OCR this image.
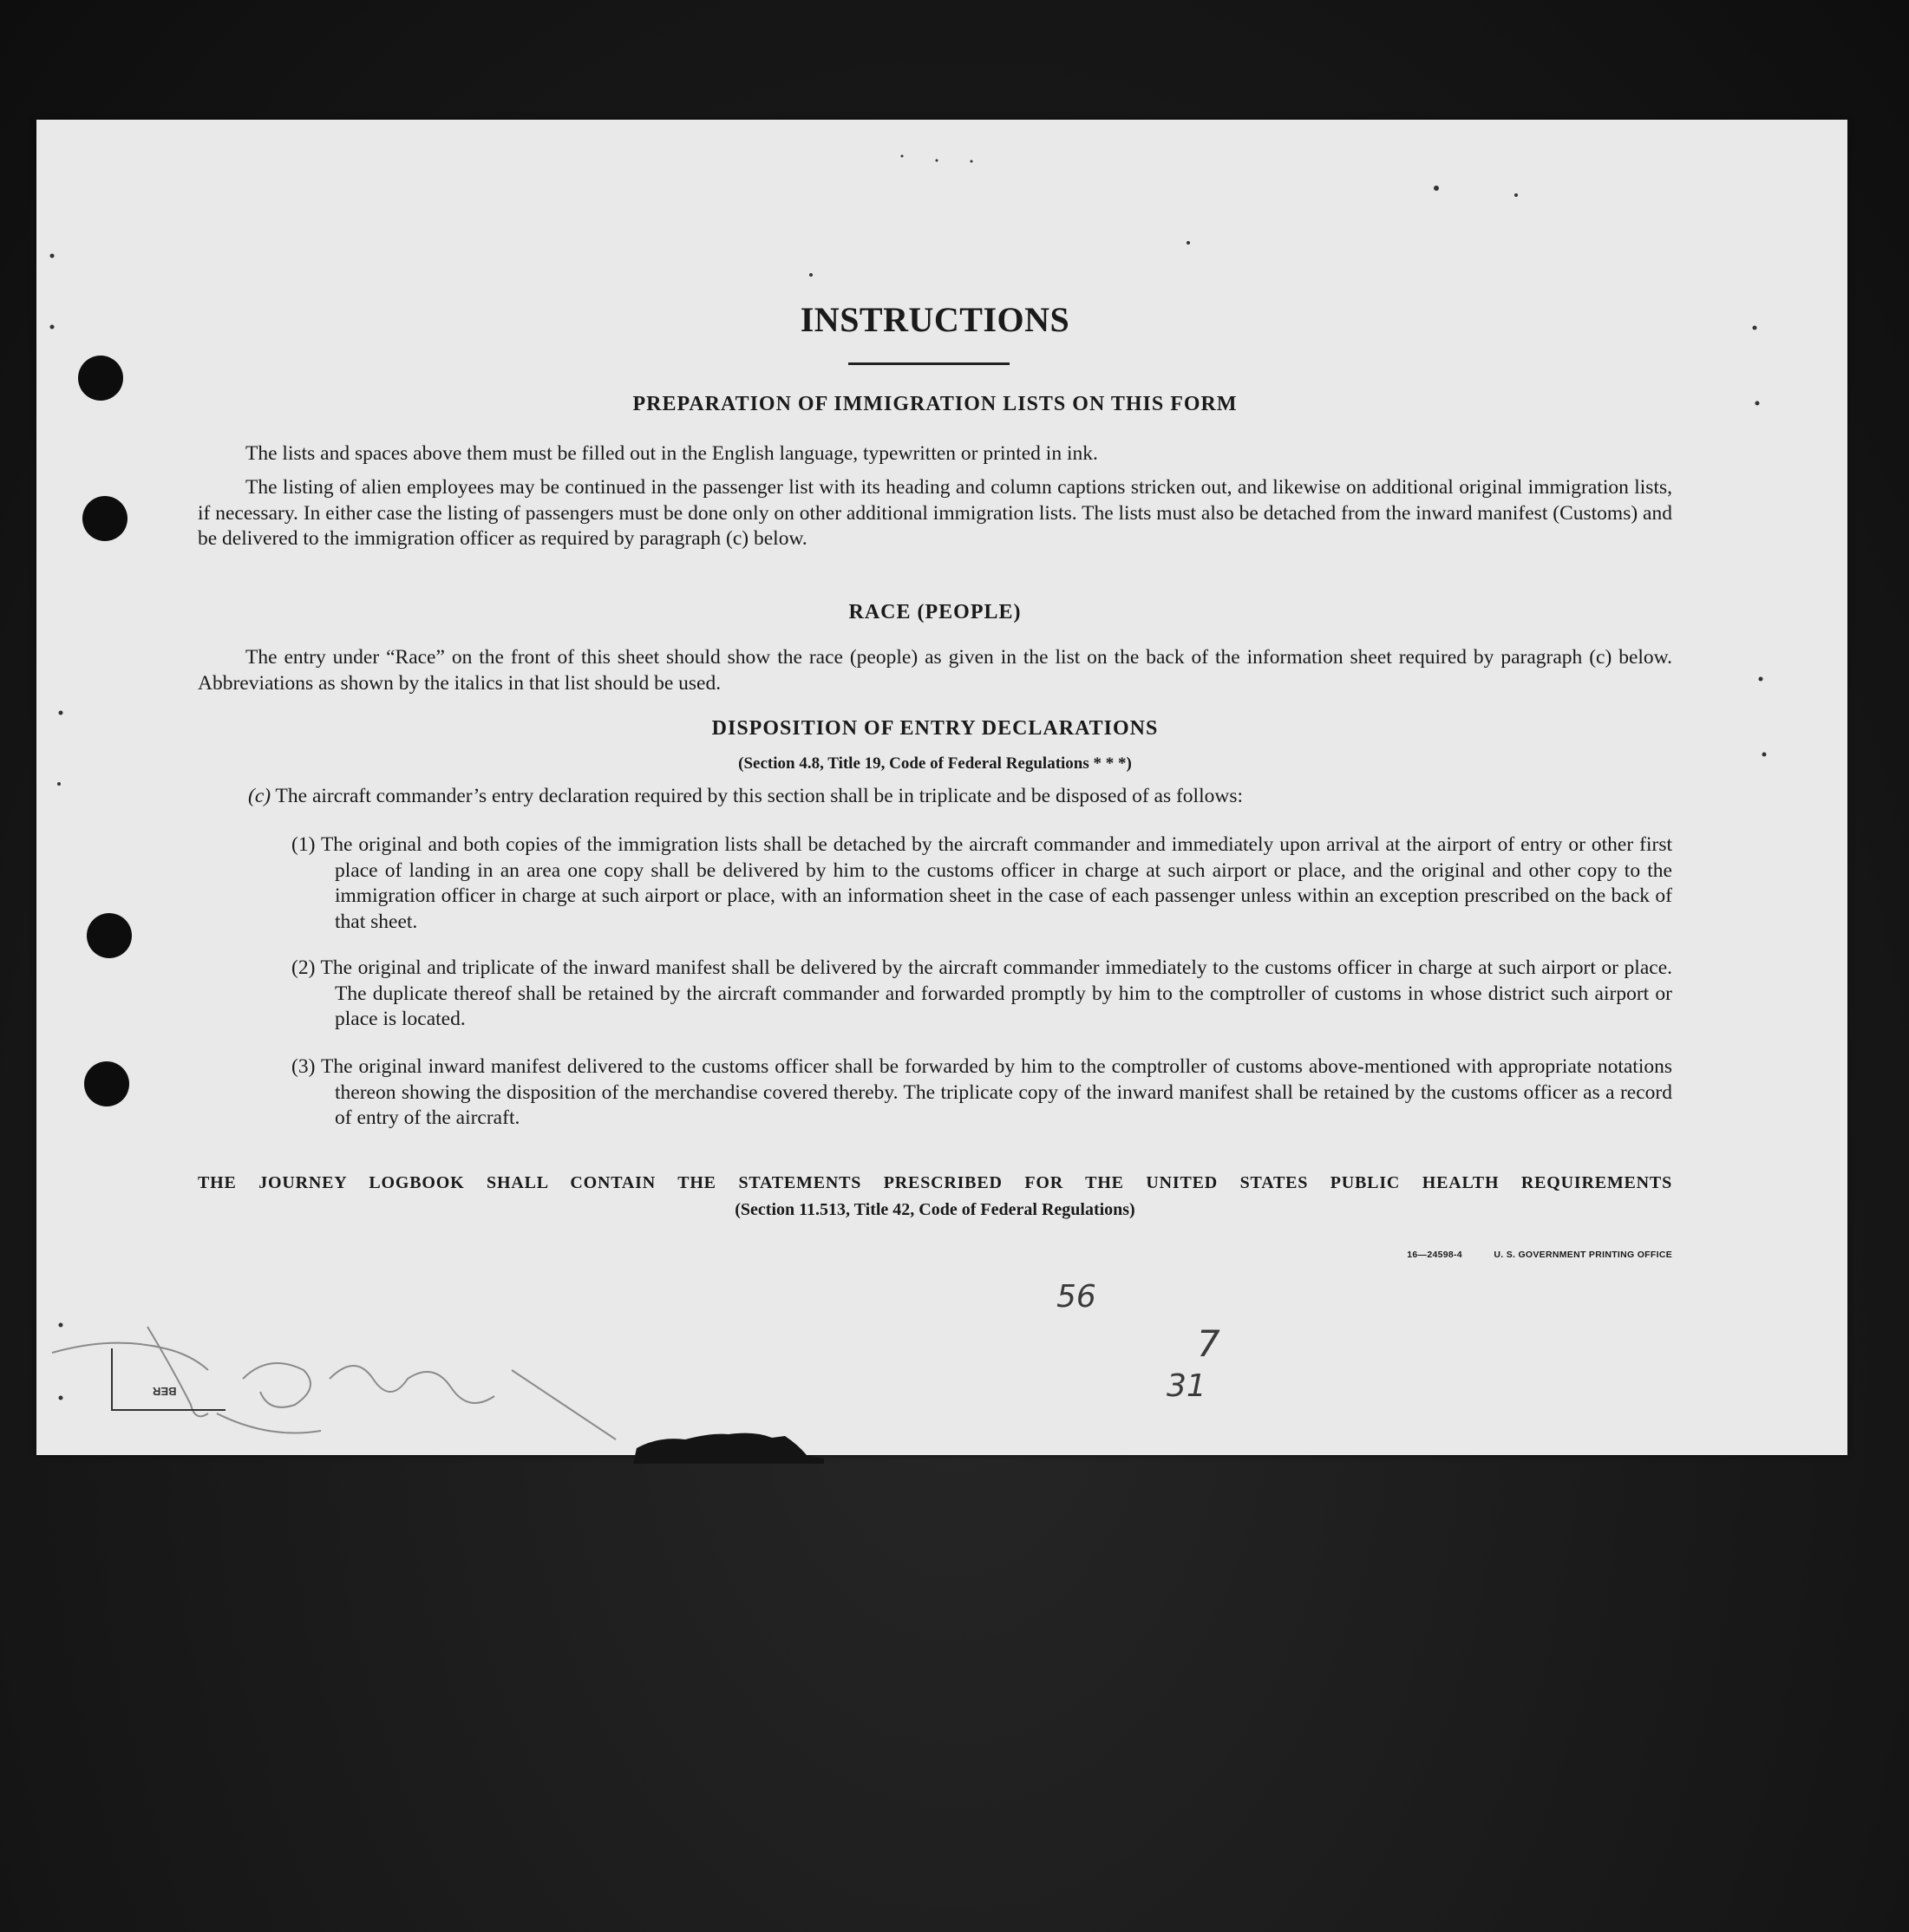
BER
INSTRUCTIONS
PREPARATION OF IMMIGRATION LISTS ON THIS FORM
The lists and spaces above them must be filled out in the English language, typewritten or printed in ink.
The listing of alien employees may be continued in the passenger list with its heading and column captions stricken out, and likewise on additional original immigration lists, if necessary. In either case the listing of passengers must be done only on other additional immigration lists. The lists must also be detached from the inward manifest (Customs) and be delivered to the immigration officer as required by paragraph (c) below.
RACE (PEOPLE)
The entry under “Race” on the front of this sheet should show the race (people) as given in the list on the back of the information sheet required by paragraph (c) below. Abbreviations as shown by the italics in that list should be used.
DISPOSITION OF ENTRY DECLARATIONS
(Section 4.8, Title 19, Code of Federal Regulations * * *)
(c) The aircraft commander’s entry declaration required by this section shall be in triplicate and be disposed of as follows:
(1) The original and both copies of the immigration lists shall be detached by the aircraft commander and immediately upon arrival at the airport of entry or other first place of landing in an area one copy shall be delivered by him to the customs officer in charge at such airport or place, and the original and other copy to the immigration officer in charge at such airport or place, with an information sheet in the case of each passenger unless within an exception prescribed on the back of that sheet.
(2) The original and triplicate of the inward manifest shall be delivered by the aircraft commander immediately to the customs officer in charge at such airport or place. The duplicate thereof shall be retained by the aircraft commander and forwarded promptly by him to the comptroller of customs in whose district such airport or place is located.
(3) The original inward manifest delivered to the customs officer shall be forwarded by him to the comptroller of customs above-mentioned with appropriate notations thereon showing the disposition of the merchandise covered thereby. The triplicate copy of the inward manifest shall be retained by the customs officer as a record of entry of the aircraft.
THE JOURNEY LOGBOOK SHALL CONTAIN THE STATEMENTS PRESCRIBED FOR THE UNITED STATES PUBLIC HEALTH REQUIREMENTS
(Section 11.513, Title 42, Code of Federal Regulations)
16—24598-4	U. S. GOVERNMENT PRINTING OFFICE
56
7
31
